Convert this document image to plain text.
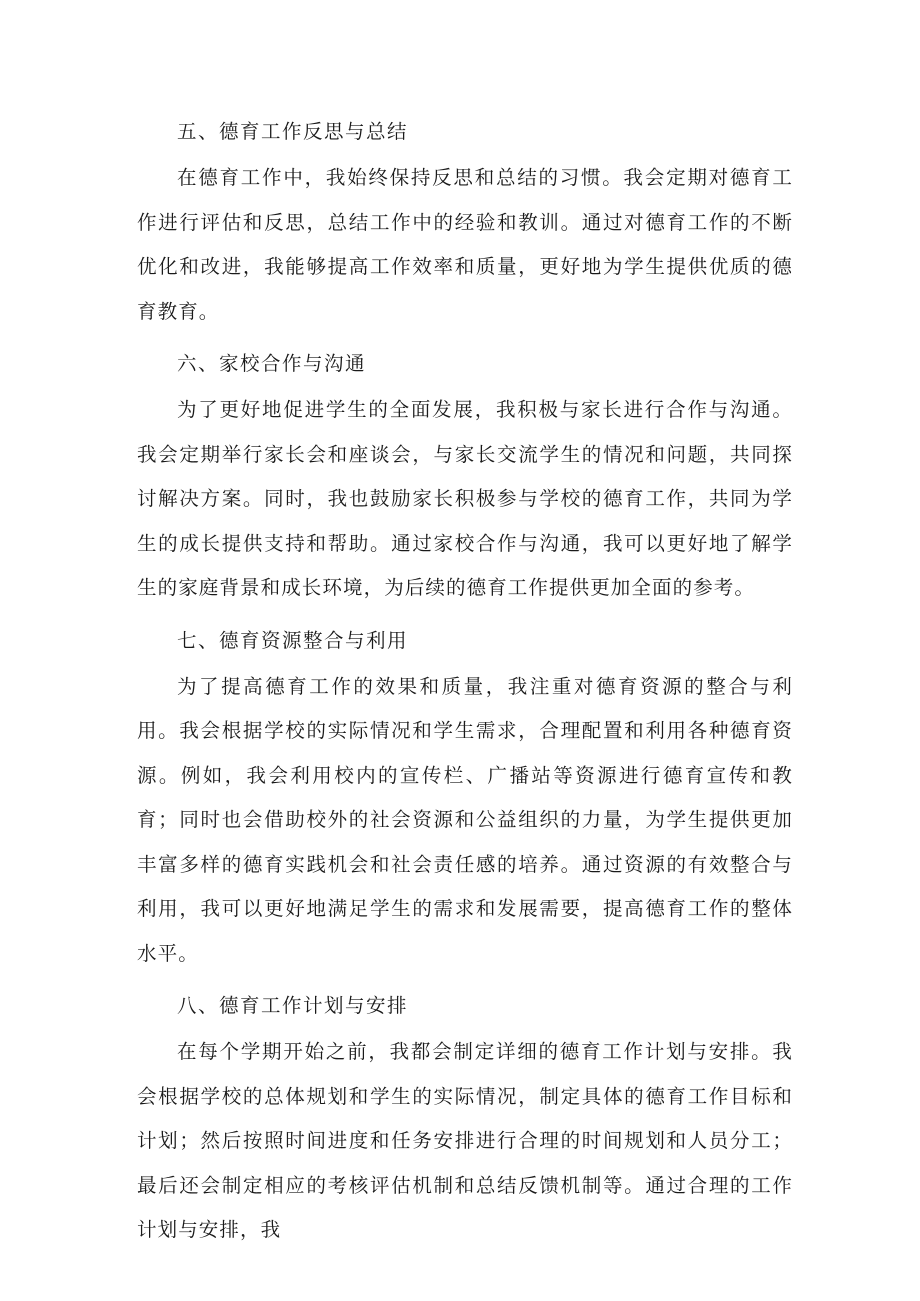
五、德育工作反思与总结

在德育工作中，我始终保持反思和总结的习惯。我会定期对德育工作进行评估和反思，总结工作中的经验和教训。通过对德育工作的不断优化和改进，我能够提高工作效率和质量，更好地为学生提供优质的德育教育。

六、家校合作与沟通

为了更好地促进学生的全面发展，我积极与家长进行合作与沟通。我会定期举行家长会和座谈会，与家长交流学生的情况和问题，共同探讨解决方案。同时，我也鼓励家长积极参与学校的德育工作，共同为学生的成长提供支持和帮助。通过家校合作与沟通，我可以更好地了解学生的家庭背景和成长环境，为后续的德育工作提供更加全面的参考。

七、德育资源整合与利用

为了提高德育工作的效果和质量，我注重对德育资源的整合与利用。我会根据学校的实际情况和学生需求，合理配置和利用各种德育资源。例如，我会利用校内的宣传栏、广播站等资源进行德育宣传和教育；同时也会借助校外的社会资源和公益组织的力量，为学生提供更加丰富多样的德育实践机会和社会责任感的培养。通过资源的有效整合与利用，我可以更好地满足学生的需求和发展需要，提高德育工作的整体水平。

八、德育工作计划与安排

在每个学期开始之前，我都会制定详细的德育工作计划与安排。我会根据学校的总体规划和学生的实际情况，制定具体的德育工作目标和计划；然后按照时间进度和任务安排进行合理的时间规划和人员分工；最后还会制定相应的考核评估机制和总结反馈机制等。通过合理的工作计划与安排，我
